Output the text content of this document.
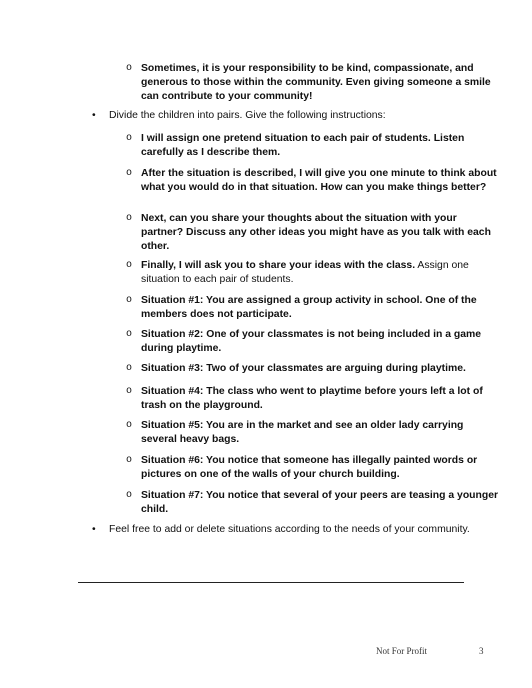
o Sometimes, it is your responsibility to be kind, compassionate, and generous to those within the community. Even giving someone a smile can contribute to your community!
• Divide the children into pairs. Give the following instructions:
o I will assign one pretend situation to each pair of students. Listen carefully as I describe them.
o After the situation is described, I will give you one minute to think about what you would do in that situation. How can you make things better?
o Next, can you share your thoughts about the situation with your partner? Discuss any other ideas you might have as you talk with each other.
o Finally, I will ask you to share your ideas with the class. Assign one situation to each pair of students.
o Situation #1: You are assigned a group activity in school. One of the members does not participate.
o Situation #2: One of your classmates is not being included in a game during playtime.
o Situation #3: Two of your classmates are arguing during playtime.
o Situation #4: The class who went to playtime before yours left a lot of trash on the playground.
o Situation #5: You are in the market and see an older lady carrying several heavy bags.
o Situation #6: You notice that someone has illegally painted words or pictures on one of the walls of your church building.
o Situation #7: You notice that several of your peers are teasing a younger child.
• Feel free to add or delete situations according to the needs of your community.
Not For Profit	3
